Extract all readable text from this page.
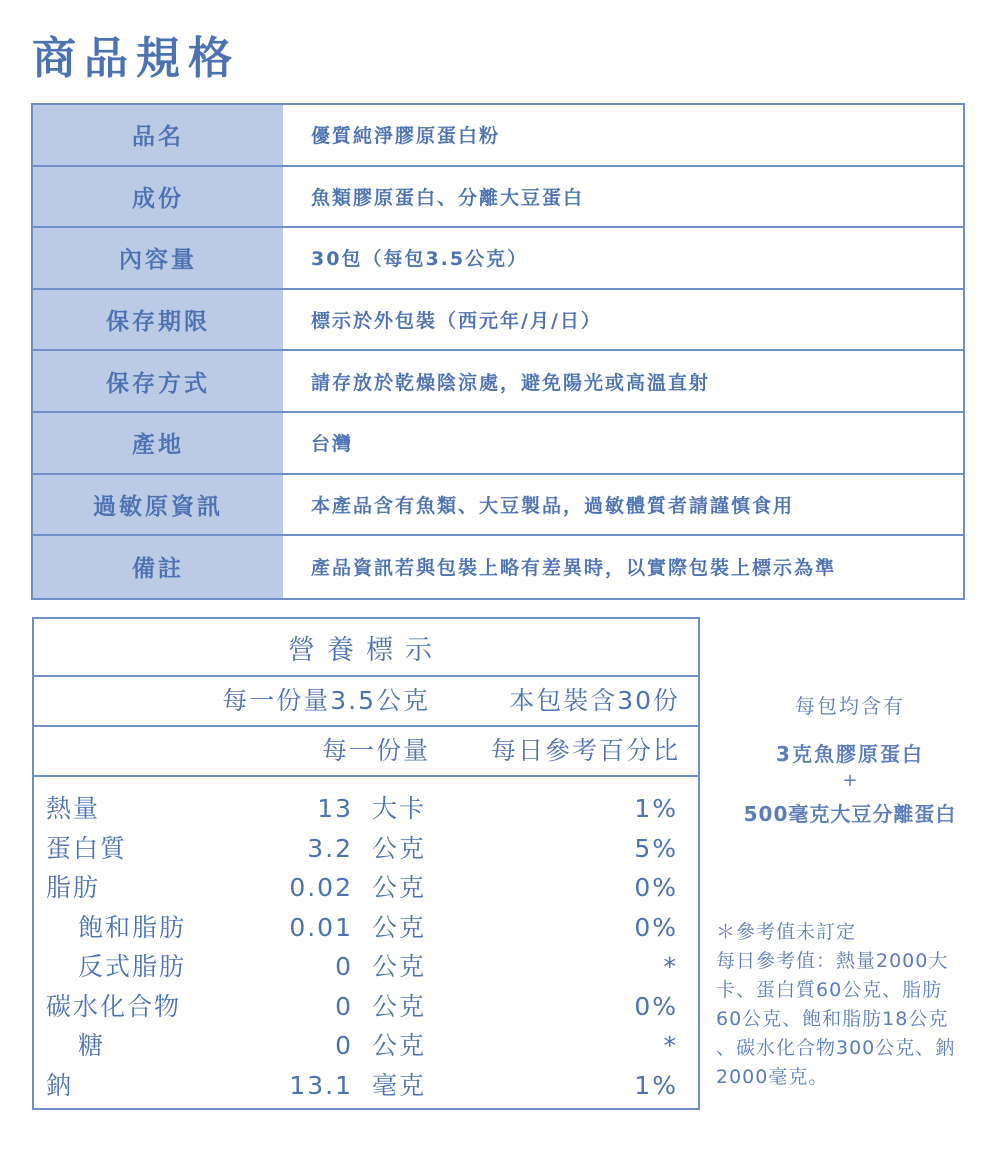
商品規格
品名	優質純淨膠原蛋白粉
成份	魚類膠原蛋白、分離大豆蛋白
內容量	30包（每包3.5公克）
保存期限	標示於外包裝（西元年/月/日）
保存方式	請存放於乾燥陰涼處，避免陽光或高溫直射
產地	台灣
過敏原資訊	本產品含有魚類、大豆製品，過敏體質者請謹慎食用
備註	產品資訊若與包裝上略有差異時，以實際包裝上標示為準
營養標示
每一份量3.5公克	本包裝含30份
每一份量 每日參考百分比
熱量	13 大卡	1%
蛋白質	3.2 公克	5%
脂肪	0.02 公克	0%
飽和脂肪	0.01 公克	0%
反式脂肪	0 公克	*
碳水化合物	0 公克	0%
糖	0 公克	*
鈉	13.1 毫克	1%
每包均含有
3克魚膠原蛋白
+
500毫克大豆分離蛋白
＊參考值未訂定
每日參考值：熱量2000大
卡、蛋白質60公克、脂肪
60公克、飽和脂肪18公克
、碳水化合物300公克、鈉
2000毫克。
